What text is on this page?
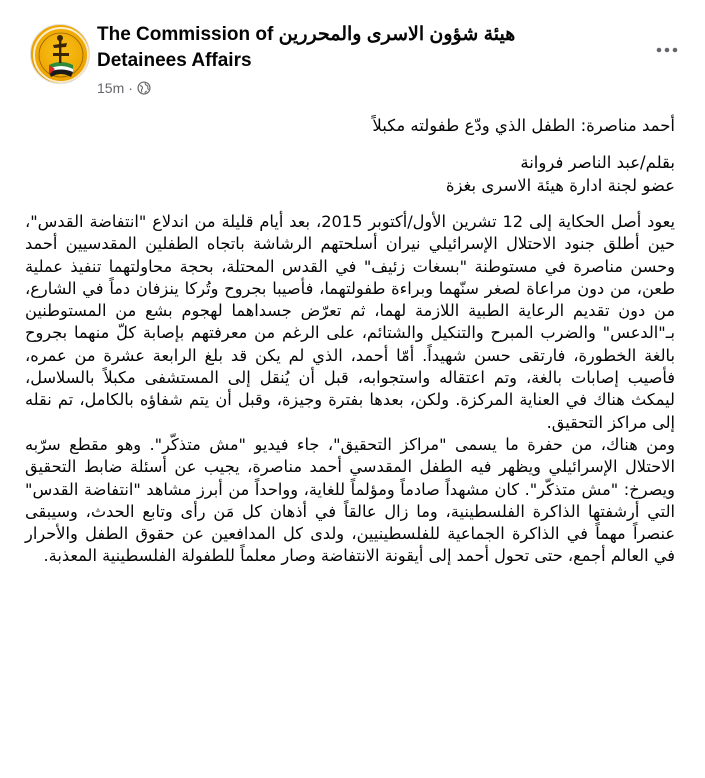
The Commission of هيئة شؤون الاسرى والمحررين Detainees Affairs
15m ·

أحمد مناصرة: الطفل الذي ودّع طفولته مكبلاً

بقلم/عبد الناصر فروانة

عضو لجنة ادارة هيئة الاسرى بغزة

يعود أصل الحكاية إلى 12 تشرين الأول/أكتوبر 2015، بعد أيام قليلة من اندلاع "انتفاضة القدس"، حين أطلق جنود الاحتلال الإسرائيلي نيران أسلحتهم الرشاشة باتجاه الطفلين المقدسيين أحمد وحسن مناصرة في مستوطنة "بسغات زئيف" في القدس المحتلة، بحجة محاولتهما تنفيذ عملية طعن، من دون مراعاة لصغر سنّهما وبراءة طفولتهما، فأصيبا بجروح وتُركا ينزفان دماً في الشارع، من دون تقديم الرعاية الطبية اللازمة لهما، ثم تعرّض جسداهما لهجوم بشع من المستوطنين بـ"الدعس" والضرب المبرح والتنكيل والشتائم، على الرغم من معرفتهم بإصابة كلّ منهما بجروح بالغة الخطورة، فارتقى حسن شهيداً. أمّا أحمد، الذي لم يكن قد بلغ الرابعة عشرة من عمره، فأصيب إصابات بالغة، وتم اعتقاله واستجوابه، قبل أن يُنقل إلى المستشفى مكبلاً بالسلاسل، ليمكث هناك في العناية المركزة. ولكن، بعدها بفترة وجيزة، وقبل أن يتم شفاؤه بالكامل، تم نقله إلى مراكز التحقيق.

ومن هناك، من حفرة ما يسمى "مراكز التحقيق"، جاء فيديو "مش متذكّر". وهو مقطع سرّبه الاحتلال الإسرائيلي ويظهر فيه الطفل المقدسي أحمد مناصرة، يجيب عن أسئلة ضابط التحقيق ويصرخ: "مش متذكّر". كان مشهداً صادماً ومؤلماً للغاية، وواحداً من أبرز مشاهد "انتفاضة القدس" التي أرشفتها الذاكرة الفلسطينية، وما زال عالقاً في أذهان كل مَن رأى وتابع الحدث، وسيبقى عنصراً مهماً في الذاكرة الجماعية للفلسطينيين، ولدى كل المدافعين عن حقوق الطفل والأحرار في العالم أجمع، حتى تحول أحمد إلى أيقونة الانتفاضة وصار معلماً للطفولة الفلسطينية المعذبة.
